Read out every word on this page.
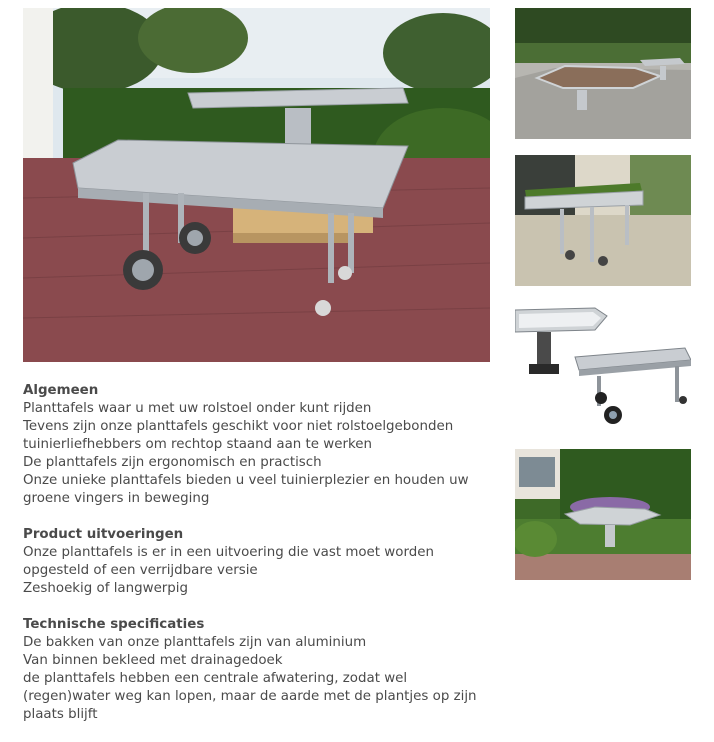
Algemeen

Planttafels waar u met uw rolstoel onder kunt rijden

Tevens zijn onze planttafels geschikt voor niet rolstoelgebonden

tuinierliefhebbers om rechtop staand aan te werken

De planttafels zijn ergonomisch en practisch

Onze unieke planttafels bieden u veel tuinierplezier en houden uw

groene vingers in beweging

Product uitvoeringen

Onze planttafels is er in een uitvoering die vast moet worden

opgesteld of een verrijdbare versie

Zeshoekig of langwerpig

Technische specificaties

De bakken van onze planttafels zijn van aluminium

Van binnen bekleed met drainagedoek

de planttafels hebben een centrale afwatering, zodat wel

(regen)water weg kan lopen, maar de aarde met de plantjes op zijn

plaats blijft
